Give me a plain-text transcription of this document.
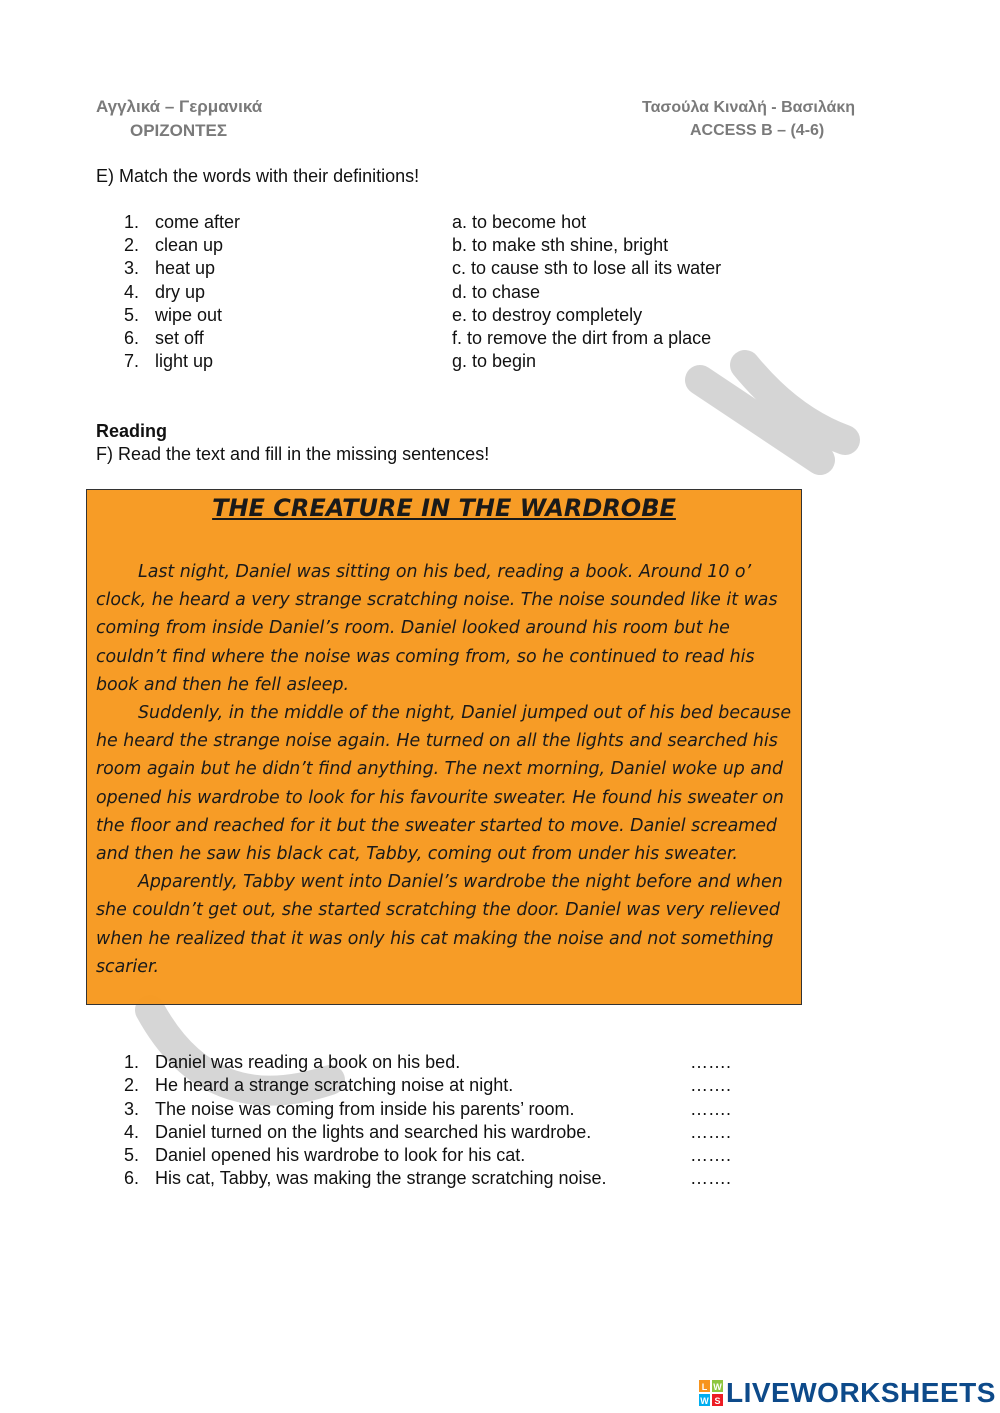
Αγγλικά – Γερμανικά
ΟΡΙΖΟΝΤΕΣ
Τασούλα Κιναλή - Βασιλάκη
ACCESS B – (4-6)
E) Match the words with their definitions!
1. come after	a. to become hot
2. clean up	b. to make sth shine, bright
3. heat up	c. to cause sth to lose all its water
4. dry up	d. to chase
5. wipe out	e. to destroy completely
6. set off	f. to remove the dirt from a place
7. light up	g. to begin
Reading
F) Read the text and fill in the missing sentences!
THE CREATURE IN THE WARDROBE

Last night, Daniel was sitting on his bed, reading a book. Around 10 o’ clock, he heard a very strange scratching noise. The noise sounded like it was coming from inside Daniel’s room. Daniel looked around his room but he couldn’t find where the noise was coming from, so he continued to read his book and then he fell asleep.

Suddenly, in the middle of the night, Daniel jumped out of his bed because he heard the strange noise again. He turned on all the lights and searched his room again but he didn’t find anything. The next morning, Daniel woke up and opened his wardrobe to look for his favourite sweater. He found his sweater on the floor and reached for it but the sweater started to move. Daniel screamed and then he saw his black cat, Tabby, coming out from under his sweater.

Apparently, Tabby went into Daniel’s wardrobe the night before and when she couldn’t get out, she started scratching the door. Daniel was very relieved when he realized that it was only his cat making the noise and not something scarier.

1. Daniel was reading a book on his bed.	…….
2. He heard a strange scratching noise at night.	…….
3. The noise was coming from inside his parents’ room.	…….
4. Daniel turned on the lights and searched his wardrobe.	…….
5. Daniel opened his wardrobe to look for his cat.	…….
6. His cat, Tabby, was making the strange scratching noise.	…….
L W
W S LIVEWORKSHEETS
